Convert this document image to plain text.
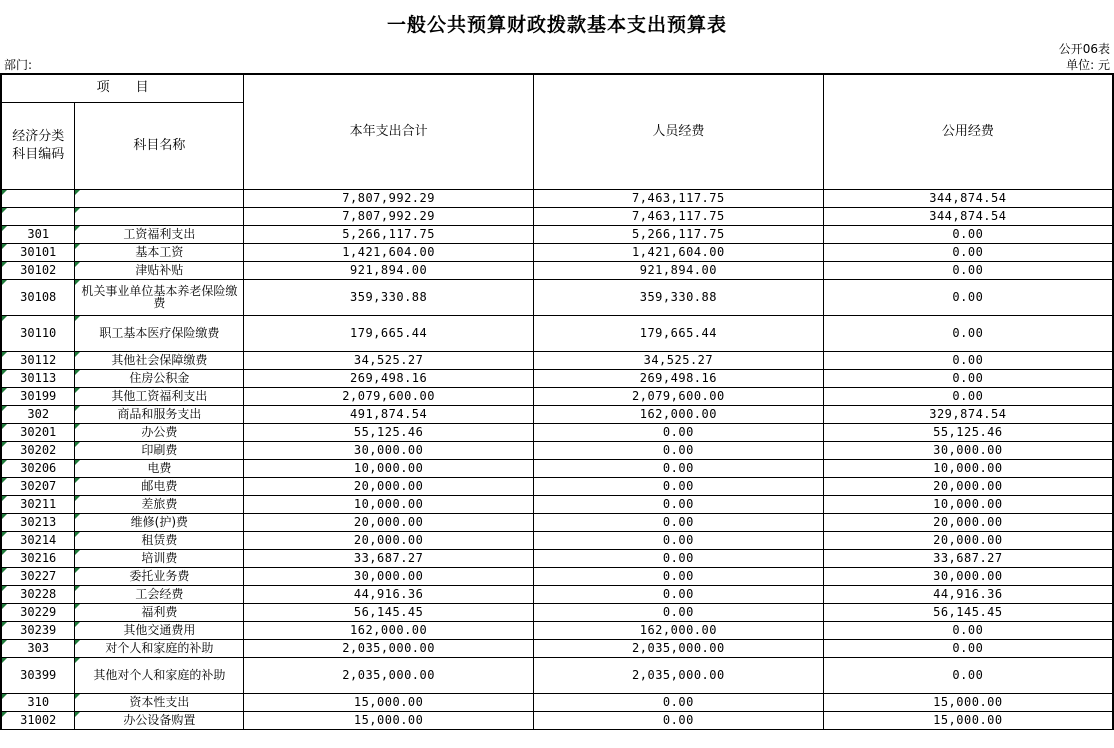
一般公共预算财政拨款基本支出预算表
部门:
公开06表
单位: 元
项　　目		本年支出合计	人员经费	公用经费
经济分类科目编码	科目名称			
		7,807,992.29	7,463,117.75	344,874.54
		7,807,992.29	7,463,117.75	344,874.54
301	工资福利支出	5,266,117.75	5,266,117.75	0.00
30101	基本工资	1,421,604.00	1,421,604.00	0.00
30102	津贴补贴	921,894.00	921,894.00	0.00
30108	机关事业单位基本养老保险缴费	359,330.88	359,330.88	0.00
30110	职工基本医疗保险缴费	179,665.44	179,665.44	0.00
30112	其他社会保障缴费	34,525.27	34,525.27	0.00
30113	住房公积金	269,498.16	269,498.16	0.00
30199	其他工资福利支出	2,079,600.00	2,079,600.00	0.00
302	商品和服务支出	491,874.54	162,000.00	329,874.54
30201	办公费	55,125.46	0.00	55,125.46
30202	印刷费	30,000.00	0.00	30,000.00
30206	电费	10,000.00	0.00	10,000.00
30207	邮电费	20,000.00	0.00	20,000.00
30211	差旅费	10,000.00	0.00	10,000.00
30213	维修(护)费	20,000.00	0.00	20,000.00
30214	租赁费	20,000.00	0.00	20,000.00
30216	培训费	33,687.27	0.00	33,687.27
30227	委托业务费	30,000.00	0.00	30,000.00
30228	工会经费	44,916.36	0.00	44,916.36
30229	福利费	56,145.45	0.00	56,145.45
30239	其他交通费用	162,000.00	162,000.00	0.00
303	对个人和家庭的补助	2,035,000.00	2,035,000.00	0.00
30399	其他对个人和家庭的补助	2,035,000.00	2,035,000.00	0.00
310	资本性支出	15,000.00	0.00	15,000.00
31002	办公设备购置	15,000.00	0.00	15,000.00
